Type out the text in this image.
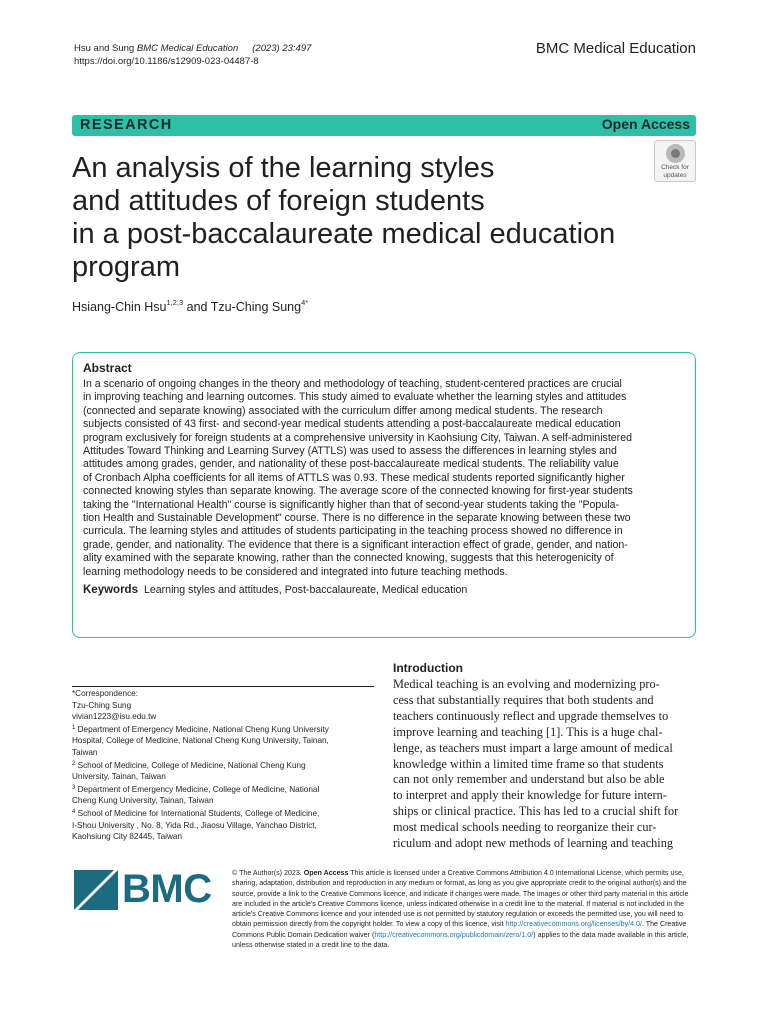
Hsu and Sung BMC Medical Education (2023) 23:497
https://doi.org/10.1186/s12909-023-04487-8
BMC Medical Education
RESEARCH	Open Access
Check for
updates
An analysis of the learning styles
and attitudes of foreign students
in a post-baccalaureate medical education
program
Hsiang-Chin Hsu$^{1,2,3}$ and Tzu-Ching Sung$^{4*}$
Abstract
In a scenario of ongoing changes in the theory and methodology of teaching, student-centered practices are crucial
in improving teaching and learning outcomes. This study aimed to evaluate whether the learning styles and attitudes
(connected and separate knowing) associated with the curriculum differ among medical students. The research
subjects consisted of 43 first- and second-year medical students attending a post-baccalaureate medical education
program exclusively for foreign students at a comprehensive university in Kaohsiung City, Taiwan. A self-administered
Attitudes Toward Thinking and Learning Survey (ATTLS) was used to assess the differences in learning styles and
attitudes among grades, gender, and nationality of these post-baccalaureate medical students. The reliability value
of Cronbach Alpha coefficients for all items of ATTLS was 0.93. These medical students reported significantly higher
connected knowing styles than separate knowing. The average score of the connected knowing for first-year students
taking the "International Health" course is significantly higher than that of second-year students taking the "Popula-
tion Health and Sustainable Development" course. There is no difference in the separate knowing between these two
curricula. The learning styles and attitudes of students participating in the teaching process showed no difference in
grade, gender, and nationality. The evidence that there is a significant interaction effect of grade, gender, and nation-
ality examined with the separate knowing, rather than the connected knowing, suggests that this heterogenicity of
learning methodology needs to be considered and integrated into future teaching methods.
Keywords Learning styles and attitudes, Post-baccalaureate, Medical education
*Correspondence:
Tzu-Ching Sung
vivian1223@isu.edu.tw
$^1$ Department of Emergency Medicine, National Cheng Kung University
Hospital, College of Medicine, National Cheng Kung University, Tainan,
Taiwan
$^2$ School of Medicine, College of Medicine, National Cheng Kung
University, Tainan, Taiwan
$^3$ Department of Emergency Medicine, College of Medicine, National
Cheng Kung University, Tainan, Taiwan
$^4$ School of Medicine for International Students, College of Medicine,
I-Shou University , No. 8, Yida Rd., Jiaosu Village, Yanchao District,
Kaohsiung City 82445, Taiwan
Introduction
Medical teaching is an evolving and modernizing pro-
cess that substantially requires that both students and
teachers continuously reflect and upgrade themselves to
improve learning and teaching [1]. This is a huge chal-
lenge, as teachers must impart a large amount of medical
knowledge within a limited time frame so that students
can not only remember and understand but also be able
to interpret and apply their knowledge for future intern-
ships or clinical practice. This has led to a crucial shift for
most medical schools needing to reorganize their cur-
riculum and adopt new methods of learning and teaching
BMC	© The Author(s) 2023. Open Access This article is licensed under a Creative Commons Attribution 4.0 International License, which permits use, sharing, adaptation, distribution and reproduction in any medium or format, as long as you give appropriate credit to the original author(s) and the source, provide a link to the Creative Commons licence, and indicate if changes were made. The images or other third party material in this article are included in the article's Creative Commons licence, unless indicated otherwise in a credit line to the material. If material is not included in the article's Creative Commons licence and your intended use is not permitted by statutory regulation or exceeds the permitted use, you will need to obtain permission directly from the copyright holder. To view a copy of this licence, visit http://creativecommons.org/licenses/by/4.0/. The Creative Commons Public Domain Dedication waiver (http://creativecommons.org/publicdomain/zero/1.0/) applies to the data made available in this article, unless otherwise stated in a credit line to the data.
